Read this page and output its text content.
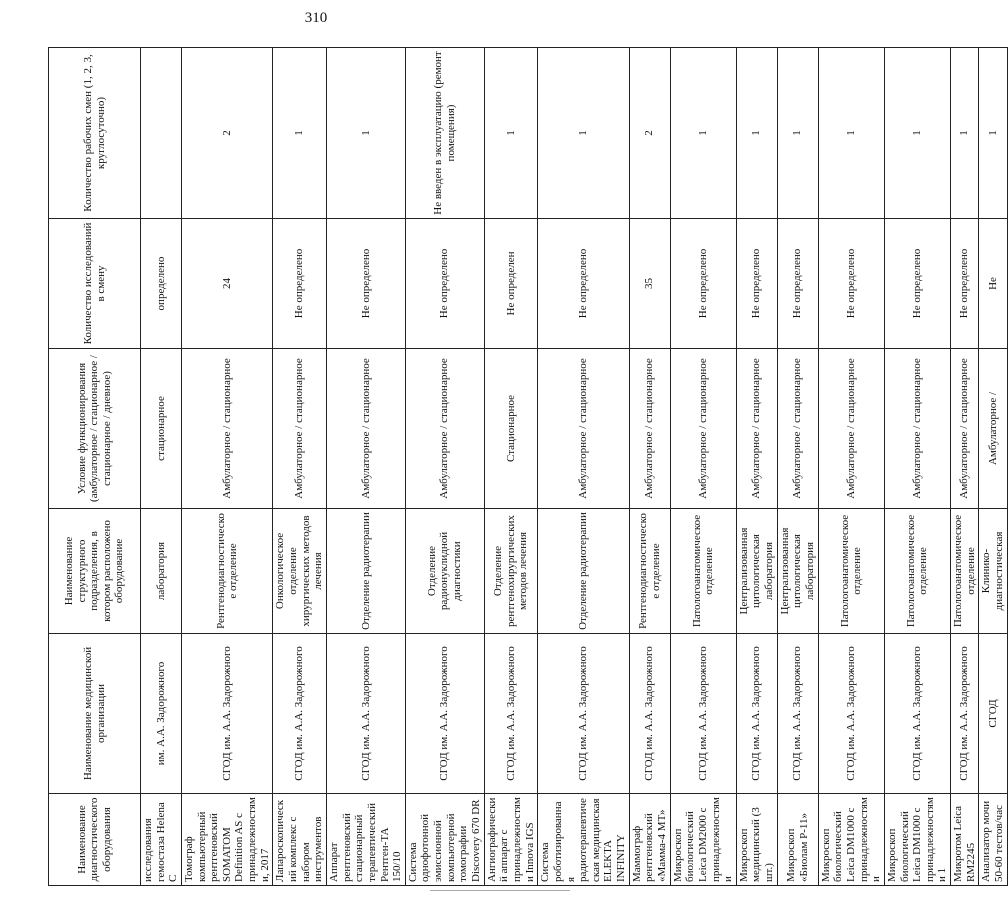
310
Наименование диагностического оборудования	Наименование медицинской организации	Наименование структурного подразделения, в котором расположено оборудование	Условие функционирования (амбулаторное / стационарное / стационарное / дневное)	Количество исследований в смену	Количество рабочих смен (1, 2, 3, круглосуточно)
исследования гемостаза Helena C	им. А.А. Задорожного	лаборатория	стационарное	определено	
Томограф компьютерный рентгеновский SOMATOM Definition AS с принадлежностями, 2017	СГОД им. А.А. Задорожного	Рентгенодиагностическое отделение	Амбулаторное / стационарное	24	2
Лапароскопический комплекс с набором инструментов	СГОД им. А.А. Задорожного	Онкологическое отделение хирургических методов лечения	Амбулаторное / стационарное	Не определено	1
Аппарат рентгеновский стационарный терапевтический Рентген-ТА 150/10	СГОД им. А.А. Задорожного	Отделение радиотерапии	Амбулаторное / стационарное	Не определено	1
Система однофотонной эмиссионной компьютерной томографии Discovery 670 DR	СГОД им. А.А. Задорожного	Отделение радионуклидной диагностики	Амбулаторное / стационарное	Не определено	Не введен в эксплуатацию (ремонт помещения)
Ангиографический аппарат с принадлежностями Innova IGS	СГОД им. А.А. Задорожного	Отделение рентгенохирургических методов лечения	Стационарное	Не определен	1
Система роботизированная радиотерапевтическая медицинская ELEKTA INFINITY	СГОД им. А.А. Задорожного	Отделение радиотерапии	Амбулаторное / стационарное	Не определено	1
Маммограф рентгеновский «Мамма-4 МТ»	СГОД им. А.А. Задорожного	Рентгенодиагностическое отделение	Амбулаторное / стационарное	35	2
Микроскоп биологический Leica DM2000 с принадлежностями	СГОД им. А.А. Задорожного	Патологоанатомическое отделение	Амбулаторное / стационарное	Не определено	1
Микроскоп медицинский (3 шт.)	СГОД им. А.А. Задорожного	Централизованная цитологическая лаборатория	Амбулаторное / стационарное	Не определено	1
Микроскоп «Биолам Р-11»	СГОД им. А.А. Задорожного	Централизованная цитологическая лаборатория	Амбулаторное / стационарное	Не определено	1
Микроскоп биологический Leica DM1000 с принадлежностями	СГОД им. А.А. Задорожного	Патологоанатомическое отделение	Амбулаторное / стационарное	Не определено	1
Микроскоп биологический Leica DM1000 с принадлежностями 1	СГОД им. А.А. Задорожного	Патологоанатомическое отделение	Амбулаторное / стационарное	Не определено	1
Микротом Leica RM2245	СГОД им. А.А. Задорожного	Патологоанатомическое отделение	Амбулаторное / стационарное	Не определено	1
Анализатор мочи 50-60 тестов/час	СГОД	Клинико-диагностическая	Амбулаторное /	Не	1
